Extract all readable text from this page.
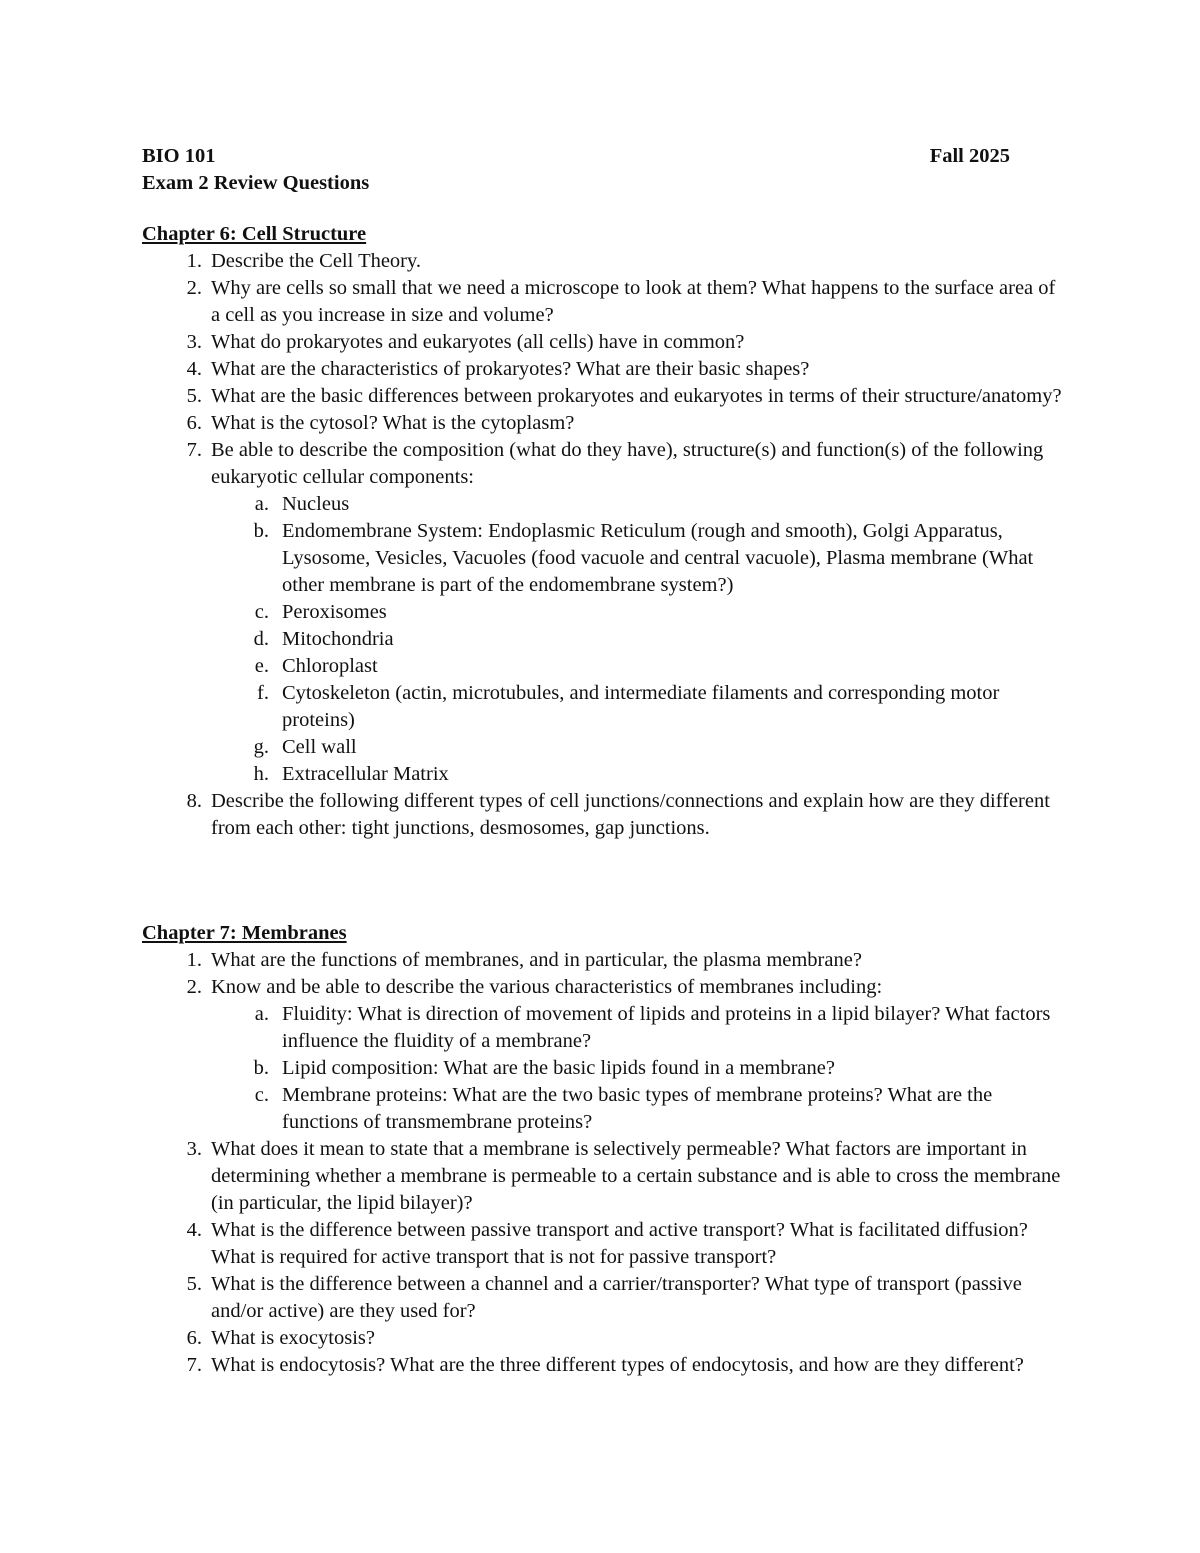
BIO 101	Fall 2025
Exam 2 Review Questions
Chapter 6: Cell Structure
1. Describe the Cell Theory.
2. Why are cells so small that we need a microscope to look at them? What happens to the surface area of a cell as you increase in size and volume?
3. What do prokaryotes and eukaryotes (all cells) have in common?
4. What are the characteristics of prokaryotes? What are their basic shapes?
5. What are the basic differences between prokaryotes and eukaryotes in terms of their structure/anatomy?
6. What is the cytosol? What is the cytoplasm?
7. Be able to describe the composition (what do they have), structure(s) and function(s) of the following eukaryotic cellular components:
a. Nucleus
b. Endomembrane System: Endoplasmic Reticulum (rough and smooth), Golgi Apparatus, Lysosome, Vesicles, Vacuoles (food vacuole and central vacuole), Plasma membrane (What other membrane is part of the endomembrane system?)
c. Peroxisomes
d. Mitochondria
e. Chloroplast
f. Cytoskeleton (actin, microtubules, and intermediate filaments and corresponding motor proteins)
g. Cell wall
h. Extracellular Matrix
8. Describe the following different types of cell junctions/connections and explain how are they different from each other: tight junctions, desmosomes, gap junctions.
Chapter 7: Membranes
1. What are the functions of membranes, and in particular, the plasma membrane?
2. Know and be able to describe the various characteristics of membranes including:
a. Fluidity: What is direction of movement of lipids and proteins in a lipid bilayer? What factors influence the fluidity of a membrane?
b. Lipid composition: What are the basic lipids found in a membrane?
c. Membrane proteins: What are the two basic types of membrane proteins? What are the functions of transmembrane proteins?
3. What does it mean to state that a membrane is selectively permeable? What factors are important in determining whether a membrane is permeable to a certain substance and is able to cross the membrane (in particular, the lipid bilayer)?
4. What is the difference between passive transport and active transport? What is facilitated diffusion? What is required for active transport that is not for passive transport?
5. What is the difference between a channel and a carrier/transporter? What type of transport (passive and/or active) are they used for?
6. What is exocytosis?
7. What is endocytosis? What are the three different types of endocytosis, and how are they different?
